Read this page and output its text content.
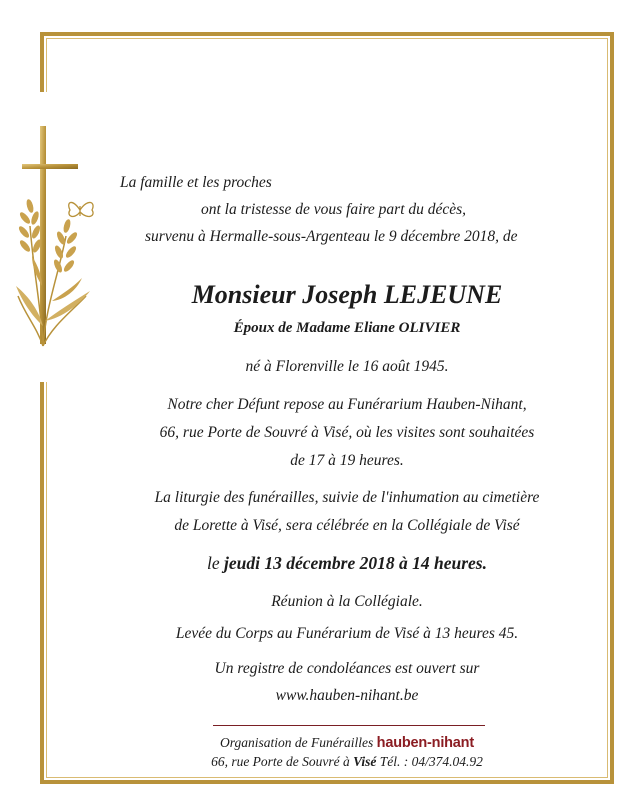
La famille et les proches
ont la tristesse de vous faire part du décès,
survenu à Hermalle-sous-Argenteau le 9 décembre 2018, de
Monsieur Joseph LEJEUNE
Époux de Madame Eliane OLIVIER
né à Florenville le 16 août 1945.
Notre cher Défunt repose au Funérarium Hauben-Nihant,
66, rue Porte de Souvré à Visé, où les visites sont souhaitées
de 17 à 19 heures.
La liturgie des funérailles, suivie de l'inhumation au cimetière
de Lorette à Visé, sera célébrée en la Collégiale de Visé
le jeudi 13 décembre 2018 à 14 heures.
Réunion à la Collégiale.
Levée du Corps au Funérarium de Visé à 13 heures 45.
Un registre de condoléances est ouvert sur
www.hauben-nihant.be
Organisation de Funérailles hauben-nihant
66, rue Porte de Souvré à Visé Tél. : 04/374.04.92
